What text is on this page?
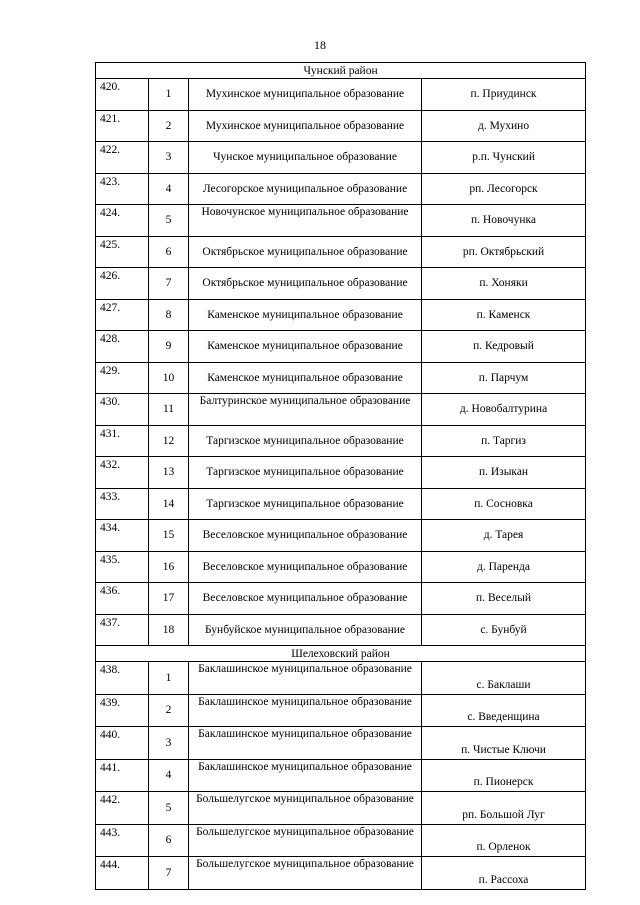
18
Чунский район			
420.	1	Мухинское муниципальное образование	п. Приудинск
421.	2	Мухинское муниципальное образование	д. Мухино
422.	3	Чунское муниципальное образование	р.п. Чунский
423.	4	Лесогорское муниципальное образование	рп. Лесогорск
424.	5	Новочунское муниципальное образование	п. Новочунка
425.	6	Октябрьское муниципальное образование	рп. Октябрьский
426.	7	Октябрьское муниципальное образование	п. Хоняки
427.	8	Каменское муниципальное образование	п. Каменск
428.	9	Каменское муниципальное образование	п. Кедровый
429.	10	Каменское муниципальное образование	п. Парчум
430.	11	Балтуринское муниципальное образование	д. Новобалтурина
431.	12	Таргизское муниципальное образование	п. Таргиз
432.	13	Таргизское муниципальное образование	п. Изыкан
433.	14	Таргизское муниципальное образование	п. Сосновка
434.	15	Веселовское муниципальное образование	д. Тарея
435.	16	Веселовское муниципальное образование	д. Паренда
436.	17	Веселовское муниципальное образование	п. Веселый
437.	18	Бунбуйское муниципальное образование	с. Бунбуй
Шелеховский район			
438.	1	Баклашинское муниципальное образование	с. Баклаши
439.	2	Баклашинское муниципальное образование	с. Введенщина
440.	3	Баклашинское муниципальное образование	п. Чистые Ключи
441.	4	Баклашинское муниципальное образование	п. Пионерск
442.	5	Большелугское муниципальное образование	рп. Большой Луг
443.	6	Большелугское муниципальное образование	п. Орленок
444.	7	Большелугское муниципальное образование	п. Рассоха
